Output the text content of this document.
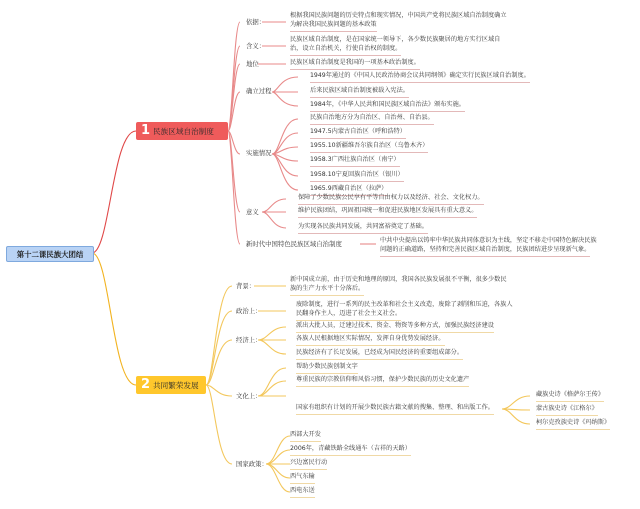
第十二课民族大团结
1 民族区域自治制度
2 共同繁荣发展
依据：
根据我国民族问题的历史特点和现实情况，中国共产党将民族区域自治制度确立
为解决我国民族问题的基本政策
含义：
民族区域自治制度，是在国家统一领导下，各少数民族聚居的地方实行区域自
治，设立自治机关，行使自治权的制度。
地位	民族区域自治制度是我国的一项基本政治制度。
确立过程
1949年通过的《中国人民政治协商会议共同纲领》确定实行民族区域自治制度。
后来民族区域自治制度被载入宪法。
1984年，《中华人民共和国民族区域自治法》颁布实施。
实施情况
民族自治地方分为自治区、自治州、自治县。
1947.5内蒙古自治区（呼和浩特）
1955.10新疆维吾尔族自治区（乌鲁木齐）
1958.3广西壮族自治区（南宁）
1958.10宁夏回族自治区（银川）
1965.9西藏自治区（拉萨）
意义
保障了少数民族公民享有平等自由权力以及经济、社会、文化权力。
维护民族团结，巩固祖国统一和促进民族地区发展具有重大意义。
为实现各民族共同发展，共同富裕奠定了基础。
新时代中国特色民族区域自治制度	中共中央提出以铸牢中华民族共同体意识为主线，坚定不移走中国特色解决民族
问题的正确道路，坚持和完善民族区域自治制度，民族团结进步呈现新气象。
背景：
新中国成立前，由于历史和地理的原因，我国各民族发展很不平衡，很多少数民
族的生产力水平十分落后。
政治上：
废除制度，进行一系列的民主改革和社会主义改造，废除了剥削和压迫，各族人
民翻身作主人，迈进了社会主义社会。
经济上：
派出大批人员，迁建过技术、资金、物资等多种方式，加强民族经济建设
各族人民根据地区实际情况，发挥自身优势发展经济。
民族经济有了长足发展，已经成为国民经济的重要组成部分。
文化上：
帮助少数民族创制文字
尊重民族的宗教信仰和风俗习惯，保护少数民族的历史文化遗产
国家有组织有计划的开展少数民族古籍文献的搜集、整理、和出版工作。
藏族史诗《格萨尔王传》
蒙古族史诗《江格尔》
柯尔克孜族史诗《玛纳斯》
国家政策：
西部大开发
2006年，青藏铁路全线通车（吉祥的天路）
兴边富民行动
西气东输
西电东送
